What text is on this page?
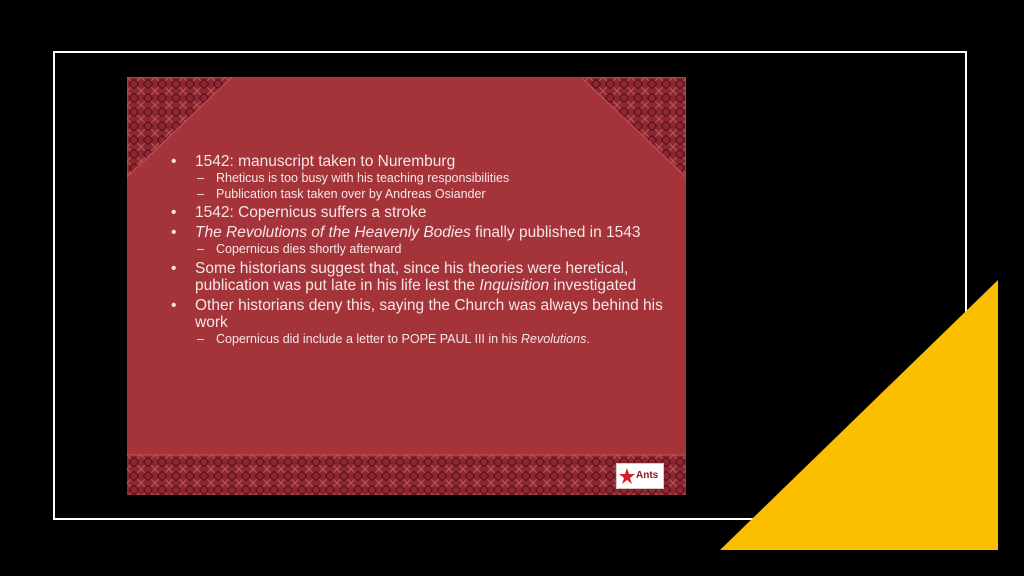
• 1542: manuscript taken to Nuremburg
– Rheticus is too busy with his teaching responsibilities
– Publication task taken over by Andreas Osiander
• 1542: Copernicus suffers a stroke
• The Revolutions of the Heavenly Bodies finally published in 1543
– Copernicus dies shortly afterward
• Some historians suggest that, since his theories were heretical, publication was put late in his life lest the Inquisition investigated
• Other historians deny this, saying the Church was always behind his work
– Copernicus did include a letter to POPE PAUL III in his Revolutions.
Ants
